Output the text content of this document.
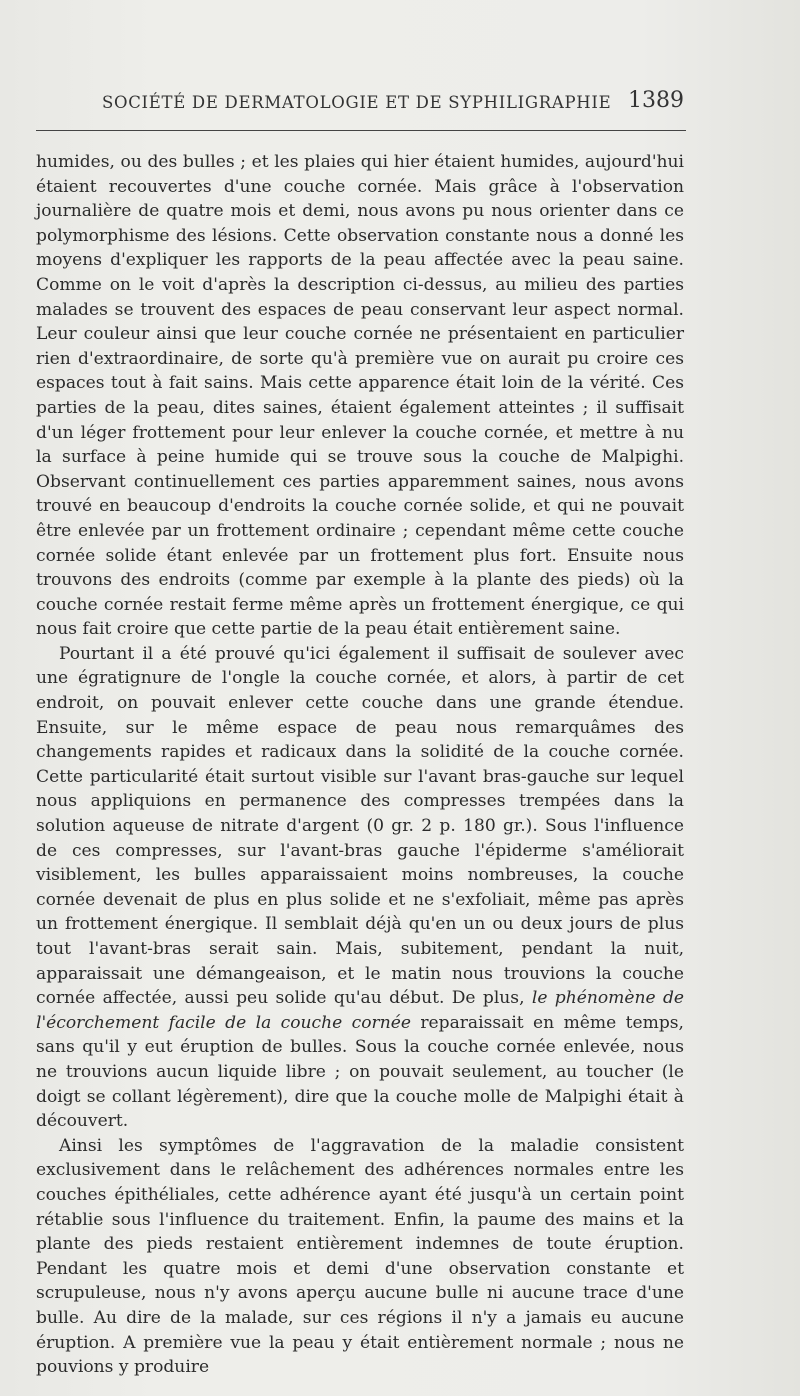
SOCIÉTÉ DE DERMATOLOGIE ET DE SYPHILIGRAPHIE 1389

humides, ou des bulles ; et les plaies qui hier étaient humides, aujourd'hui étaient recouvertes d'une couche cornée. Mais grâce à l'observation journalière de quatre mois et demi, nous avons pu nous orienter dans ce polymorphisme des lésions. Cette observation constante nous a donné les moyens d'expliquer les rapports de la peau affectée avec la peau saine. Comme on le voit d'après la description ci-dessus, au milieu des parties malades se trouvent des espaces de peau conservant leur aspect normal. Leur couleur ainsi que leur couche cornée ne présentaient en particulier rien d'extraordinaire, de sorte qu'à première vue on aurait pu croire ces espaces tout à fait sains. Mais cette apparence était loin de la vérité. Ces parties de la peau, dites saines, étaient également atteintes ; il suffisait d'un léger frottement pour leur enlever la couche cornée, et mettre à nu la surface à peine humide qui se trouve sous la couche de Malpighi. Observant continuellement ces parties apparemment saines, nous avons trouvé en beaucoup d'endroits la couche cornée solide, et qui ne pouvait être enlevée par un frottement ordinaire ; cependant même cette couche cornée solide étant enlevée par un frottement plus fort. Ensuite nous trouvons des endroits (comme par exemple à la plante des pieds) où la couche cornée restait ferme même après un frottement énergique, ce qui nous fait croire que cette partie de la peau était entièrement saine.

Pourtant il a été prouvé qu'ici également il suffisait de soulever avec une égratignure de l'ongle la couche cornée, et alors, à partir de cet endroit, on pouvait enlever cette couche dans une grande étendue. Ensuite, sur le même espace de peau nous remarquâmes des changements rapides et radicaux dans la solidité de la couche cornée. Cette particularité était surtout visible sur l'avant bras-gauche sur lequel nous appliquions en permanence des compresses trempées dans la solution aqueuse de nitrate d'argent (0 gr. 2 p. 180 gr.). Sous l'influence de ces compresses, sur l'avant-bras gauche l'épiderme s'améliorait visiblement, les bulles apparaissaient moins nombreuses, la couche cornée devenait de plus en plus solide et ne s'exfoliait, même pas après un frottement énergique. Il semblait déjà qu'en un ou deux jours de plus tout l'avant-bras serait sain. Mais, subitement, pendant la nuit, apparaissait une démangeaison, et le matin nous trouvions la couche cornée affectée, aussi peu solide qu'au début. De plus, le phénomène de l'écorchement facile de la couche cornée reparaissait en même temps, sans qu'il y eut éruption de bulles. Sous la couche cornée enlevée, nous ne trouvions aucun liquide libre ; on pouvait seulement, au toucher (le doigt se collant légèrement), dire que la couche molle de Malpighi était à découvert.

Ainsi les symptômes de l'aggravation de la maladie consistent exclusivement dans le relâchement des adhérences normales entre les couches épithéliales, cette adhérence ayant été jusqu'à un certain point rétablie sous l'influence du traitement. Enfin, la paume des mains et la plante des pieds restaient entièrement indemnes de toute éruption. Pendant les quatre mois et demi d'une observation constante et scrupuleuse, nous n'y avons aperçu aucune bulle ni aucune trace d'une bulle. Au dire de la malade, sur ces régions il n'y a jamais eu aucune éruption. A première vue la peau y était entièrement normale ; nous ne pouvions y produire
